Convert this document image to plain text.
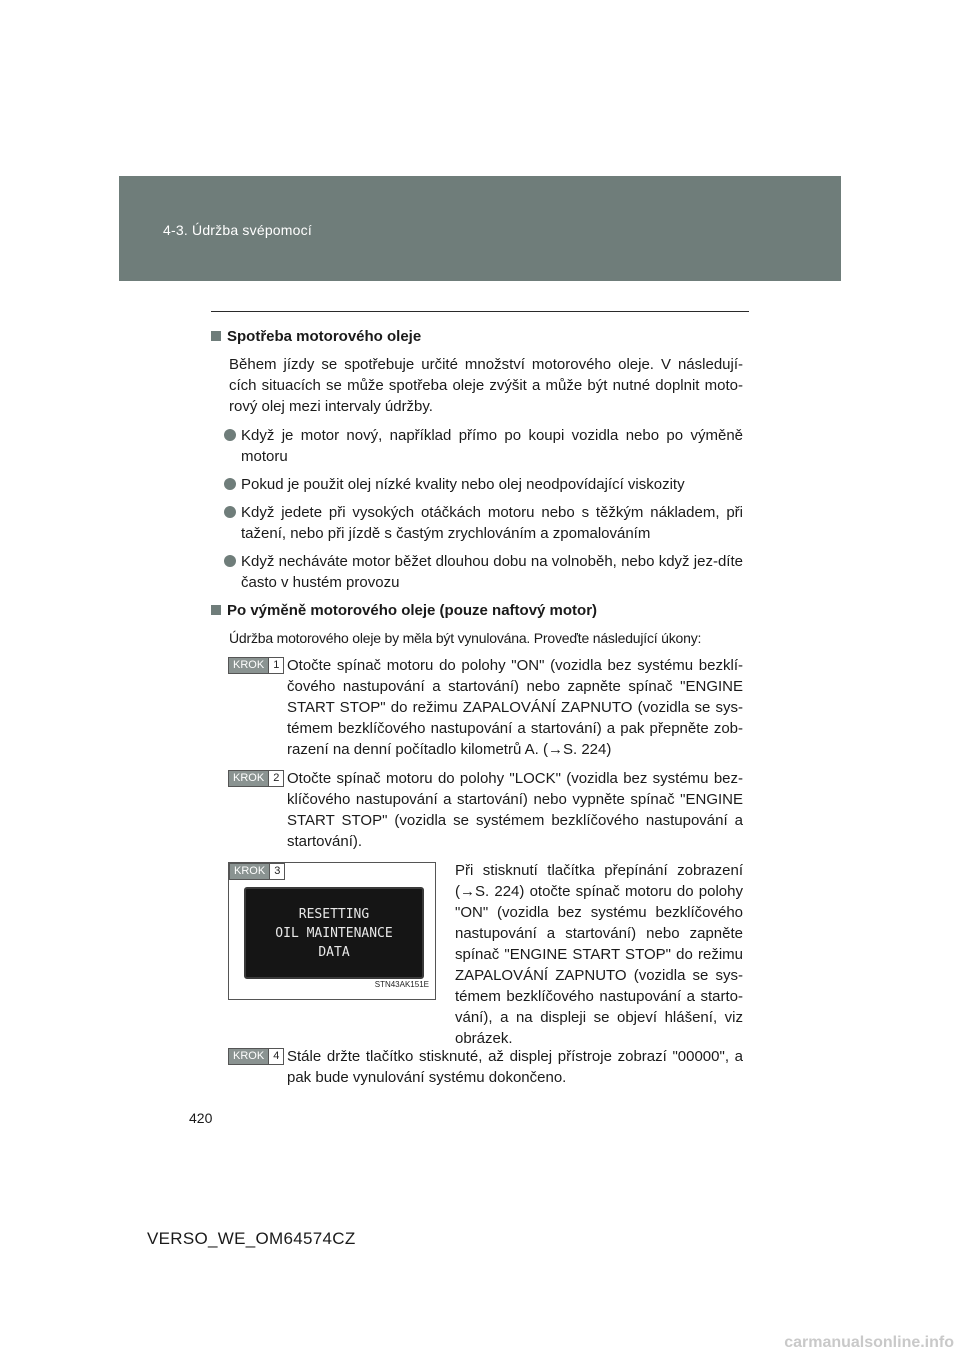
4-3. Údržba svépomocí
Spotřeba motorového oleje
Během jízdy se spotřebuje určité množství motorového oleje. V následují-cích situacích se může spotřeba oleje zvýšit a může být nutné doplnit moto-rový olej mezi intervaly údržby.
Když je motor nový, například přímo po koupi vozidla nebo po výměně motoru
Pokud je použit olej nízké kvality nebo olej neodpovídající viskozity
Když jedete při vysokých otáčkách motoru nebo s těžkým nákladem, při tažení, nebo při jízdě s častým zrychlováním a zpomalováním
Když necháváte motor běžet dlouhou dobu na volnoběh, nebo když jez-díte často v hustém provozu
Po výměně motorového oleje (pouze naftový motor)
Údržba motorového oleje by měla být vynulována. Proveďte následující úkony:
KROK 1 Otočte spínač motoru do polohy "ON" (vozidla bez systému bezklí-čového nastupování a startování) nebo zapněte spínač "ENGINE START STOP" do režimu ZAPALOVÁNÍ ZAPNUTO (vozidla se sys-témem bezklíčového nastupování a startování) a pak přepněte zob-razení na denní počítadlo kilometrů A. (→S. 224)
KROK 2 Otočte spínač motoru do polohy "LOCK" (vozidla bez systému bez-klíčového nastupování a startování) nebo vypněte spínač "ENGINE START STOP" (vozidla se systémem bezklíčového nastupování a startování).
KROK 3
RESETTING
OIL MAINTENANCE
DATA
STN43AK151E
Při stisknutí tlačítka přepínání zobrazení (→S. 224) otočte spínač motoru do polohy "ON" (vozidla bez systému bezklíčového nastupování a startování) nebo zapněte spínač "ENGINE START STOP" do režimu ZAPALOVÁNÍ ZAPNUTO (vozidla se sys-témem bezklíčového nastupování a starto-vání), a na displeji se objeví hlášení, viz obrázek.
KROK 4 Stále držte tlačítko stisknuté, až displej přístroje zobrazí "00000", a pak bude vynulování systému dokončeno.
420
VERSO_WE_OM64574CZ
carmanualsonline.info
